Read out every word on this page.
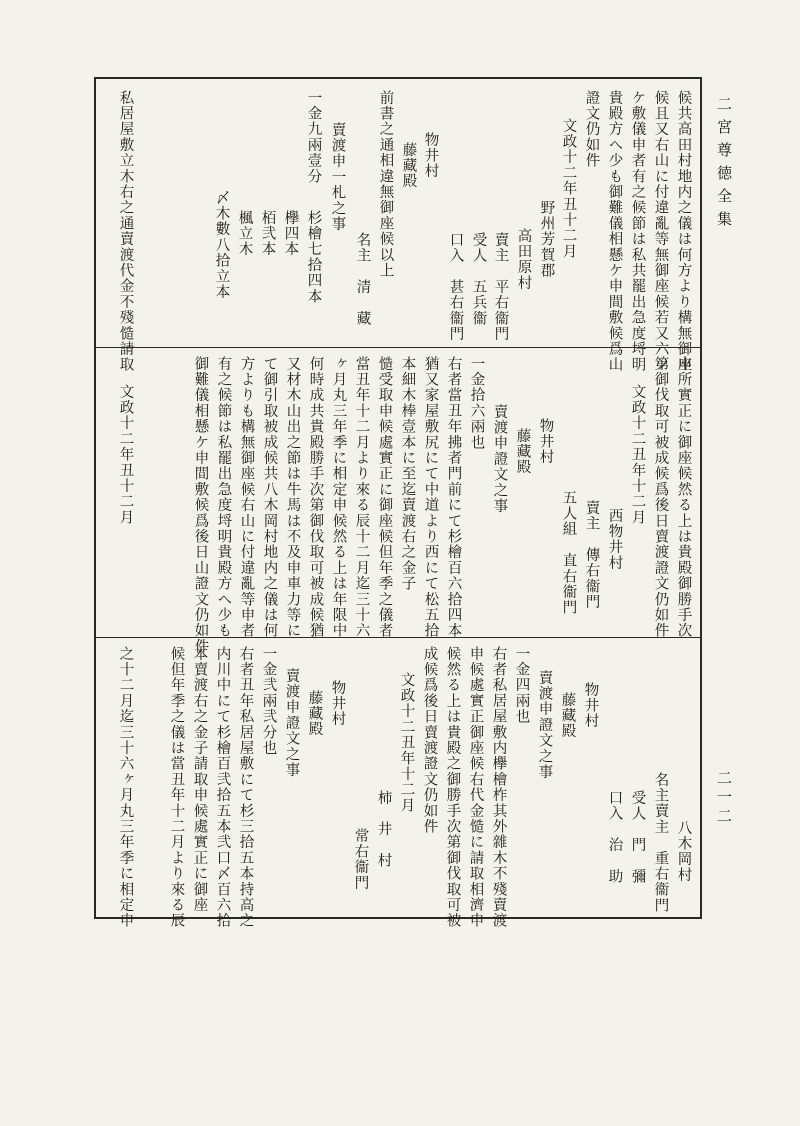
二宮尊徳全集
二一二
候共高田村地内之儀は何方より構無御座
候且又右山に付違亂等無御座候若又六ツ
ケ敷儀申者有之候節は私共罷出急度埒明
貴殿方へ少も御難儀相懸ケ申間敷候爲山
證文仍如件
文政十二年丑十二月
野州芳賀郡
高田原村
賣主　平右衞門
受人　五兵衞
口入　甚右衞門
物井村
藤藏殿
前書之通相違無御座候以上
名主　清　藏
賣渡申一札之事
一金九兩壹分
杉檜七拾四本
欅四本
栢弐本
楓立木
〆木數八拾立本
私居屋敷立木右之通賣渡代金不殘慥請取
申所實正に御座候然る上は貴殿御勝手次
第御伐取可被成候爲後日賣渡證文仍如件
文政十二丑年十二月
西物井村
賣主　傳右衞門
五人組　直右衞門
物井村
藤藏殿
賣渡申證文之事
一金拾六兩也
右者當丑年拂者門前にて杉檜百六拾四本
猶又家屋敷尻にて中道より西にて松五拾
本細木棒壹本に至迄賣渡右之金子
慥受取申候處實正に御座候但年季之儀者
當丑年十二月より來る辰十二月迄三十六
ヶ月丸三年季に相定申候然る上は年限中
何時成共貴殿勝手次第御伐取可被成候猶
又材木山出之節は牛馬は不及申車力等に
て御引取被成候共八木岡村地内之儀は何
方よりも構無御座候右山に付違亂等申者
有之候節は私罷出急度埒明貴殿方へ少も
御難儀相懸ケ申間敷候爲後日山證文仍如件
文政十二年丑十二月
八木岡村
名主賣主　重右衞門
受人　門　彌
口入　治　助
物井村
藤藏殿
賣渡申證文之事
一金四兩也
右者私居屋敷内欅檜柞其外雜木不殘賣渡
申候處實正御座候右代金慥に請取相濟申
候然る上は貴殿之御勝手次第御伐取可被
成候爲後日賣渡證文仍如件
文政十二丑年十二月
柿　井　村
常右衞門
物井村
藤藏殿
賣渡申證文之事
一金弐兩弐分也
右者丑年私居屋敷にて杉三拾五本持高之
内川中にて杉檜百弐拾五本弐口〆百六拾
本賣渡右之金子請取申候處實正に御座
候但年季之儀は當丑年十二月より來る辰
之十二月迄三十六ヶ月丸三年季に相定申
